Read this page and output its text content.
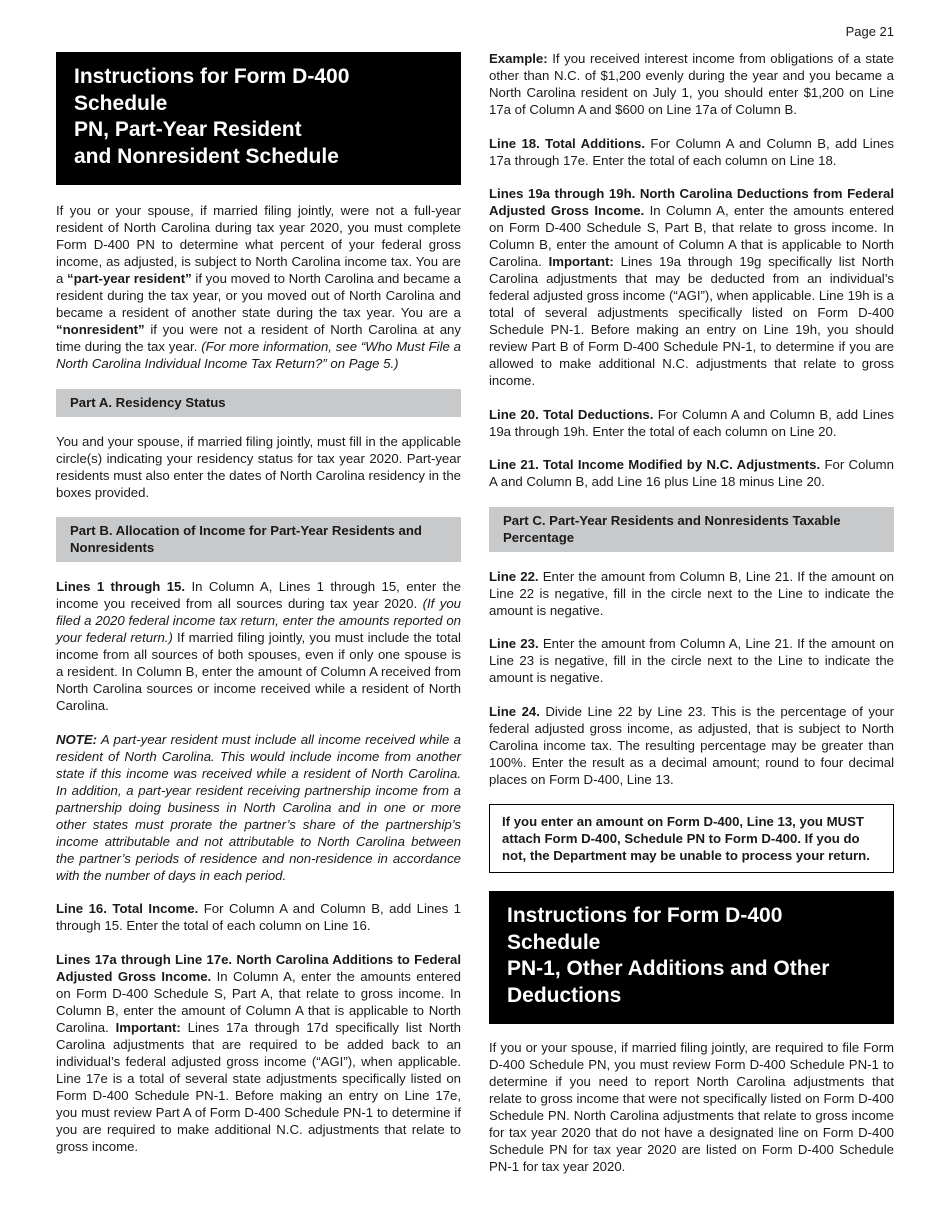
Page 21
Instructions for Form D-400 Schedule
PN, Part-Year Resident
and Nonresident Schedule

If you or your spouse, if married filing jointly, were not a full-year resident of North Carolina during tax year 2020, you must complete Form D-400 PN to determine what percent of your federal gross income, as adjusted, is subject to North Carolina income tax. You are a “part-year resident” if you moved to North Carolina and became a resident during the tax year, or you moved out of North Carolina and became a resident of another state during the tax year. You are a “nonresident” if you were not a resident of North Carolina at any time during the tax year. (For more information, see “Who Must File a North Carolina Individual Income Tax Return?” on Page 5.)

Part A. Residency Status

You and your spouse, if married filing jointly, must fill in the applicable circle(s) indicating your residency status for tax year 2020. Part-year residents must also enter the dates of North Carolina residency in the boxes provided.

Part B. Allocation of Income for Part-Year Residents and Nonresidents

Lines 1 through 15. In Column A, Lines 1 through 15, enter the income you received from all sources during tax year 2020. (If you filed a 2020 federal income tax return, enter the amounts reported on your federal return.) If married filing jointly, you must include the total income from all sources of both spouses, even if only one spouse is a resident. In Column B, enter the amount of Column A received from North Carolina sources or income received while a resident of North Carolina.

NOTE: A part-year resident must include all income received while a resident of North Carolina. This would include income from another state if this income was received while a resident of North Carolina. In addition, a part-year resident receiving partnership income from a partnership doing business in North Carolina and in one or more other states must prorate the partner’s share of the partnership’s income attributable and not attributable to North Carolina between the partner’s periods of residence and non-residence in accordance with the number of days in each period.

Line 16. Total Income. For Column A and Column B, add Lines 1 through 15. Enter the total of each column on Line 16.

Lines 17a through Line 17e. North Carolina Additions to Federal Adjusted Gross Income. In Column A, enter the amounts entered on Form D-400 Schedule S, Part A, that relate to gross income. In Column B, enter the amount of Column A that is applicable to North Carolina. Important: Lines 17a through 17d specifically list North Carolina adjustments that are required to be added back to an individual’s federal adjusted gross income (“AGI”), when applicable. Line 17e is a total of several state adjustments specifically listed on Form D-400 Schedule PN-1. Before making an entry on Line 17e, you must review Part A of Form D-400 Schedule PN-1 to determine if you are required to make additional N.C. adjustments that relate to gross income.

Example: If you received interest income from obligations of a state other than N.C. of $1,200 evenly during the year and you became a North Carolina resident on July 1, you should enter $1,200 on Line 17a of Column A and $600 on Line 17a of Column B.

Line 18. Total Additions. For Column A and Column B, add Lines 17a through 17e. Enter the total of each column on Line 18.

Lines 19a through 19h. North Carolina Deductions from Federal Adjusted Gross Income. In Column A, enter the amounts entered on Form D-400 Schedule S, Part B, that relate to gross income. In Column B, enter the amount of Column A that is applicable to North Carolina. Important: Lines 19a through 19g specifically list North Carolina adjustments that may be deducted from an individual’s federal adjusted gross income (“AGI”), when applicable. Line 19h is a total of several adjustments specifically listed on Form D-400 Schedule PN-1. Before making an entry on Line 19h, you should review Part B of Form D-400 Schedule PN-1, to determine if you are allowed to make additional N.C. adjustments that relate to gross income.

Line 20. Total Deductions. For Column A and Column B, add Lines 19a through 19h. Enter the total of each column on Line 20.

Line 21. Total Income Modified by N.C. Adjustments. For Column A and Column B, add Line 16 plus Line 18 minus Line 20.

Part C. Part-Year Residents and Nonresidents Taxable Percentage

Line 22. Enter the amount from Column B, Line 21. If the amount on Line 22 is negative, fill in the circle next to the Line to indicate the amount is negative.

Line 23. Enter the amount from Column A, Line 21. If the amount on Line 23 is negative, fill in the circle next to the Line to indicate the amount is negative.

Line 24. Divide Line 22 by Line 23. This is the percentage of your federal adjusted gross income, as adjusted, that is subject to North Carolina income tax. The resulting percentage may be greater than 100%. Enter the result as a decimal amount; round to four decimal places on Form D-400, Line 13.

If you enter an amount on Form D-400, Line 13, you MUST attach Form D-400, Schedule PN to Form D-400. If you do not, the Department may be unable to process your return.
Instructions for Form D-400 Schedule
PN-1, Other Additions and Other
Deductions

If you or your spouse, if married filing jointly, are required to file Form D-400 Schedule PN, you must review Form D-400 Schedule PN-1 to determine if you need to report North Carolina adjustments that relate to gross income that were not specifically listed on Form D-400 Schedule PN. North Carolina adjustments that relate to gross income for tax year 2020 that do not have a designated line on Form D-400 Schedule PN for tax year 2020 are listed on Form D-400 Schedule PN-1 for tax year 2020.
